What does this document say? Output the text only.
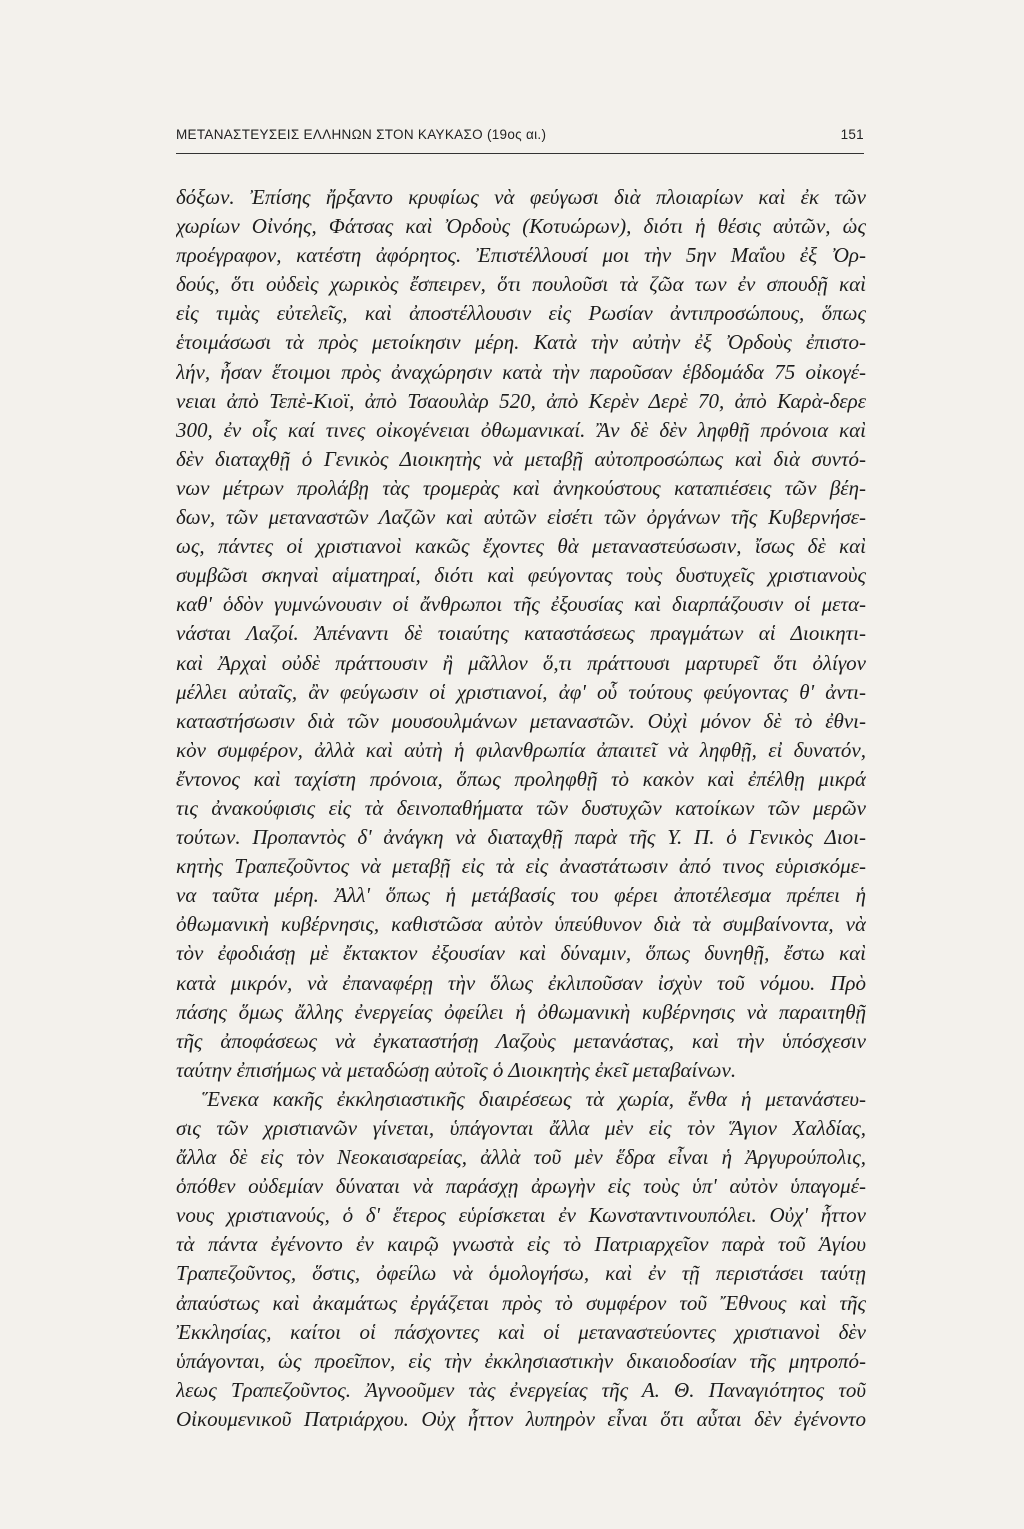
ΜΕΤΑΝΑΣΤΕΥΣΕΙΣ ΕΛΛΗΝΩΝ ΣΤΟΝ ΚΑΥΚΑΣΟ (19ος αι.)	151
δόξων. Ἐπίσης ἤρξαντο κρυφίως νὰ φεύγωσι διὰ πλοιαρίων καὶ ἐκ τῶν
χωρίων Οἰνόης, Φάτσας καὶ Ὀρδοὺς (Κοτυώρων), διότι ἡ θέσις αὐτῶν, ὡς
προέγραφον, κατέστη ἀφόρητος. Ἐπιστέλλουσί μοι τὴν 5ην Μαΐου ἐξ Ὀρ-
δούς, ὅτι οὐδεὶς χωρικὸς ἔσπειρεν, ὅτι πουλοῦσι τὰ ζῶα των ἐν σπουδῇ καὶ
εἰς τιμὰς εὐτελεῖς, καὶ ἀποστέλλουσιν εἰς Ρωσίαν ἀντιπροσώπους, ὅπως
ἑτοιμάσωσι τὰ πρὸς μετοίκησιν μέρη. Κατὰ τὴν αὐτὴν ἐξ Ὀρδοὺς ἐπιστο-
λήν, ἦσαν ἕτοιμοι πρὸς ἀναχώρησιν κατὰ τὴν παροῦσαν ἑβδομάδα 75 οἰκογέ-
νειαι ἀπὸ Τεπὲ-Κιοϊ, ἀπὸ Τσαουλὰρ 520, ἀπὸ Κερὲν Δερὲ 70, ἀπὸ Καρὰ-δερε
300, ἐν οἷς καί τινες οἰκογένειαι ὀθωμανικαί. Ἂν δὲ δὲν ληφθῇ πρόνοια καὶ
δὲν διαταχθῇ ὁ Γενικὸς Διοικητὴς νὰ μεταβῇ αὐτοπροσώπως καὶ διὰ συντό-
νων μέτρων προλάβῃ τὰς τρομερὰς καὶ ἀνηκούστους καταπιέσεις τῶν βέη-
δων, τῶν μεταναστῶν Λαζῶν καὶ αὐτῶν εἰσέτι τῶν ὀργάνων τῆς Κυβερνήσε-
ως, πάντες οἱ χριστιανοὶ κακῶς ἔχοντες θὰ μεταναστεύσωσιν, ἴσως δὲ καὶ
συμβῶσι σκηναὶ αἱματηραί, διότι καὶ φεύγοντας τοὺς δυστυχεῖς χριστιανοὺς
καθ' ὁδὸν γυμνώνουσιν οἱ ἄνθρωποι τῆς ἐξουσίας καὶ διαρπάζουσιν οἱ μετα-
νάσται Λαζοί. Ἀπέναντι δὲ τοιαύτης καταστάσεως πραγμάτων αἱ Διοικητι-
καὶ Ἀρχαὶ οὐδὲ πράττουσιν ἢ μᾶλλον ὅ,τι πράττουσι μαρτυρεῖ ὅτι ὀλίγον
μέλλει αὐταῖς, ἂν φεύγωσιν οἱ χριστιανοί, ἀφ' οὗ τούτους φεύγοντας θ' ἀντι-
καταστήσωσιν διὰ τῶν μουσουλμάνων μεταναστῶν. Οὐχὶ μόνον δὲ τὸ ἐθνι-
κὸν συμφέρον, ἀλλὰ καὶ αὐτὴ ἡ φιλανθρωπία ἀπαιτεῖ νὰ ληφθῇ, εἰ δυνατόν,
ἔντονος καὶ ταχίστη πρόνοια, ὅπως προληφθῇ τὸ κακὸν καὶ ἐπέλθῃ μικρά
τις ἀνακούφισις εἰς τὰ δεινοπαθήματα τῶν δυστυχῶν κατοίκων τῶν μερῶν
τούτων. Προπαντὸς δ' ἀνάγκη νὰ διαταχθῇ παρὰ τῆς Υ. Π. ὁ Γενικὸς Διοι-
κητὴς Τραπεζοῦντος νὰ μεταβῇ εἰς τὰ εἰς ἀναστάτωσιν ἀπό τινος εὑρισκόμε-
να ταῦτα μέρη. Ἀλλ' ὅπως ἡ μετάβασίς του φέρει ἀποτέλεσμα πρέπει ἡ
ὀθωμανικὴ κυβέρνησις, καθιστῶσα αὐτὸν ὑπεύθυνον διὰ τὰ συμβαίνοντα, νὰ
τὸν ἐφοδιάσῃ μὲ ἔκτακτον ἐξουσίαν καὶ δύναμιν, ὅπως δυνηθῇ, ἔστω καὶ
κατὰ μικρόν, νὰ ἐπαναφέρῃ τὴν ὅλως ἐκλιποῦσαν ἰσχὺν τοῦ νόμου. Πρὸ
πάσης ὅμως ἄλλης ἐνεργείας ὀφείλει ἡ ὀθωμανικὴ κυβέρνησις νὰ παραιτηθῇ
τῆς ἀποφάσεως νὰ ἐγκαταστήσῃ Λαζοὺς μετανάστας, καὶ τὴν ὑπόσχεσιν
ταύτην ἐπισήμως νὰ μεταδώσῃ αὐτοῖς ὁ Διοικητὴς ἐκεῖ μεταβαίνων.
Ἕνεκα κακῆς ἐκκλησιαστικῆς διαιρέσεως τὰ χωρία, ἔνθα ἡ μετανάστευ-
σις τῶν χριστιανῶν γίνεται, ὑπάγονται ἄλλα μὲν εἰς τὸν Ἅγιον Χαλδίας,
ἄλλα δὲ εἰς τὸν Νεοκαισαρείας, ἀλλὰ τοῦ μὲν ἕδρα εἶναι ἡ Ἀργυρούπολις,
ὁπόθεν οὐδεμίαν δύναται νὰ παράσχῃ ἀρωγὴν εἰς τοὺς ὑπ' αὐτὸν ὑπαγομέ-
νους χριστιανούς, ὁ δ' ἕτερος εὑρίσκεται ἐν Κωνσταντινουπόλει. Οὐχ' ἧττον
τὰ πάντα ἐγένοντο ἐν καιρῷ γνωστὰ εἰς τὸ Πατριαρχεῖον παρὰ τοῦ Ἁγίου
Τραπεζοῦντος, ὅστις, ὀφείλω νὰ ὁμολογήσω, καὶ ἐν τῇ περιστάσει ταύτῃ
ἀπαύστως καὶ ἀκαμάτως ἐργάζεται πρὸς τὸ συμφέρον τοῦ Ἔθνους καὶ τῆς
Ἐκκλησίας, καίτοι οἱ πάσχοντες καὶ οἱ μεταναστεύοντες χριστιανοὶ δὲν
ὑπάγονται, ὡς προεῖπον, εἰς τὴν ἐκκλησιαστικὴν δικαιοδοσίαν τῆς μητροπό-
λεως Τραπεζοῦντος. Ἀγνοοῦμεν τὰς ἐνεργείας τῆς Α. Θ. Παναγιότητος τοῦ
Οἰκουμενικοῦ Πατριάρχου. Οὐχ ἧττον λυπηρὸν εἶναι ὅτι αὗται δὲν ἐγένοντο
